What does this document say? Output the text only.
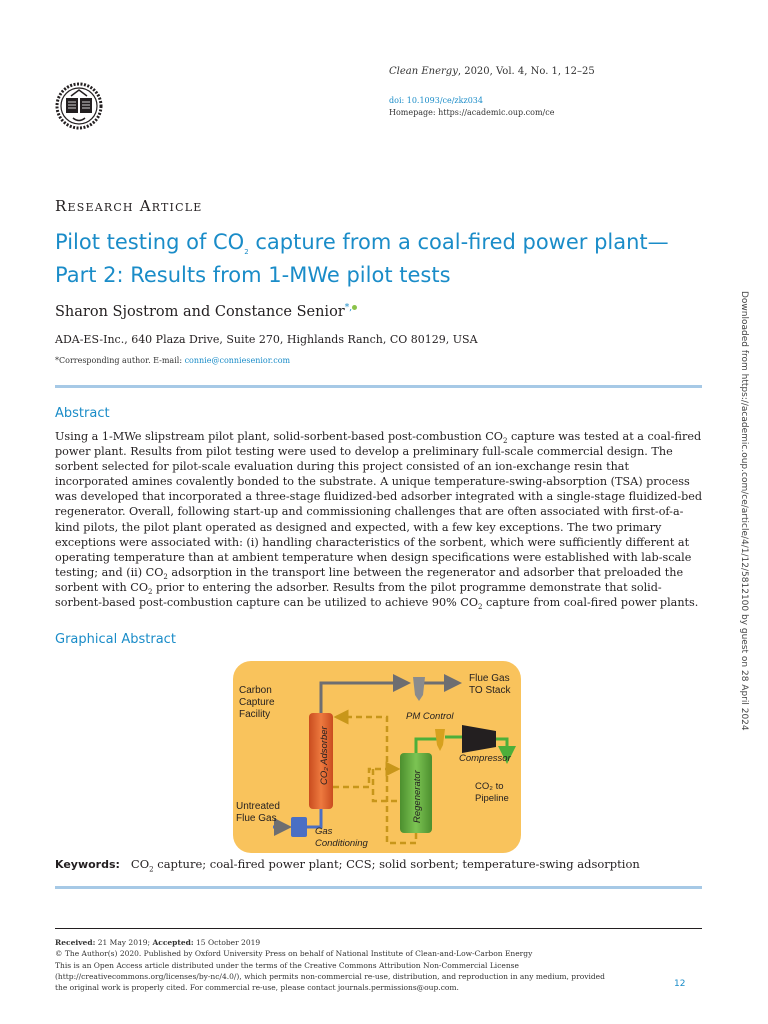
Clean Energy, 2020, Vol. 4, No. 1, 12–25
doi: 10.1093/ce/zkz034
Homepage: https://academic.oup.com/ce
Research Article
Pilot testing of $CO_2$ capture from a coal-fired power plant—Part 2: Results from 1-MWe pilot tests
Sharon Sjostrom and Constance Senior*,
ADA-ES-Inc., 640 Plaza Drive, Suite 270, Highlands Ranch, CO 80129, USA
*Corresponding author. E-mail: connie@conniesenior.com
Abstract
Using a 1-MWe slipstream pilot plant, solid-sorbent-based post-combustion $CO_2$ capture was tested at a coal-fired power plant. Results from pilot testing were used to develop a preliminary full-scale commercial design. The sorbent selected for pilot-scale evaluation during this project consisted of an ion-exchange resin that incorporated amines covalently bonded to the substrate. A unique temperature-swing-absorption (TSA) process was developed that incorporated a three-stage fluidized-bed adsorber integrated with a single-stage fluidized-bed regenerator. Overall, following start-up and commissioning challenges that are often associated with first-of-a-kind pilots, the pilot plant operated as designed and expected, with a few key exceptions. The two primary exceptions were associated with: (i) handling characteristics of the sorbent, which were sufficiently different at operating temperature than at ambient temperature when design specifications were established with lab-scale testing; and (ii) $CO_2$ adsorption in the transport line between the regenerator and adsorber that preloaded the sorbent with $CO_2$ prior to entering the adsorber. Results from the pilot programme demonstrate that solid-sorbent-based post-combustion capture can be utilized to achieve 90% $CO_2$ capture from coal-fired power plants.
Graphical Abstract
Carbon
Capture
Facility
Flue Gas
TO Stack
PM Control
CO₂ Adsorber
Regenerator
Compressor
CO₂ to
Pipeline
Untreated
Flue Gas
Gas
Conditioning
Keywords: $CO_2$ capture; coal-fired power plant; CCS; solid sorbent; temperature-swing adsorption
Received: 21 May 2019; Accepted: 15 October 2019
© The Author(s) 2020. Published by Oxford University Press on behalf of National Institute of Clean-and-Low-Carbon Energy
This is an Open Access article distributed under the terms of the Creative Commons Attribution Non-Commercial License (http://creativecommons.org/licenses/by-nc/4.0/), which permits non-commercial re-use, distribution, and reproduction in any medium, provided the original work is properly cited. For commercial re-use, please contact journals.permissions@oup.com.	12
Downloaded from https://academic.oup.com/ce/article/4/1/12/5812100 by guest on 28 April 2024
